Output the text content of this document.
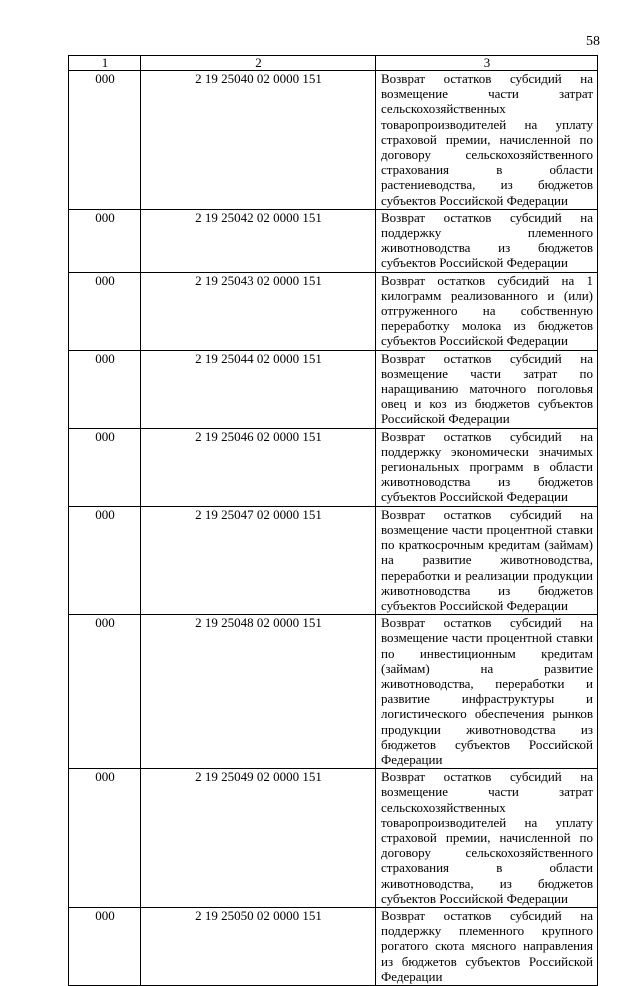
58
1	2	3
000	2 19 25040 02 0000 151	Возврат остатков субсидий на возмещение части затрат сельскохозяйственных товаропроизводителей на уплату страховой премии, начисленной по договору сельскохозяйственного страхования в области растениеводства, из бюджетов субъектов Российской Федерации
000	2 19 25042 02 0000 151	Возврат остатков субсидий на поддержку племенного животноводства из бюджетов субъектов Российской Федерации
000	2 19 25043 02 0000 151	Возврат остатков субсидий на 1 килограмм реализованного и (или) отгруженного на собственную переработку молока из бюджетов субъектов Российской Федерации
000	2 19 25044 02 0000 151	Возврат остатков субсидий на возмещение части затрат по наращиванию маточного поголовья овец и коз из бюджетов субъектов Российской Федерации
000	2 19 25046 02 0000 151	Возврат остатков субсидий на поддержку экономически значимых региональных программ в области животноводства из бюджетов субъектов Российской Федерации
000	2 19 25047 02 0000 151	Возврат остатков субсидий на возмещение части процентной ставки по краткосрочным кредитам (займам) на развитие животноводства, переработки и реализации продукции животноводства из бюджетов субъектов Российской Федерации
000	2 19 25048 02 0000 151	Возврат остатков субсидий на возмещение части процентной ставки по инвестиционным кредитам (займам) на развитие животноводства, переработки и развитие инфраструктуры и логистического обеспечения рынков продукции животноводства из бюджетов субъектов Российской Федерации
000	2 19 25049 02 0000 151	Возврат остатков субсидий на возмещение части затрат сельскохозяйственных товаропроизводителей на уплату страховой премии, начисленной по договору сельскохозяйственного страхования в области животноводства, из бюджетов субъектов Российской Федерации
000	2 19 25050 02 0000 151	Возврат остатков субсидий на поддержку племенного крупного рогатого скота мясного направления из бюджетов субъектов Российской Федерации
